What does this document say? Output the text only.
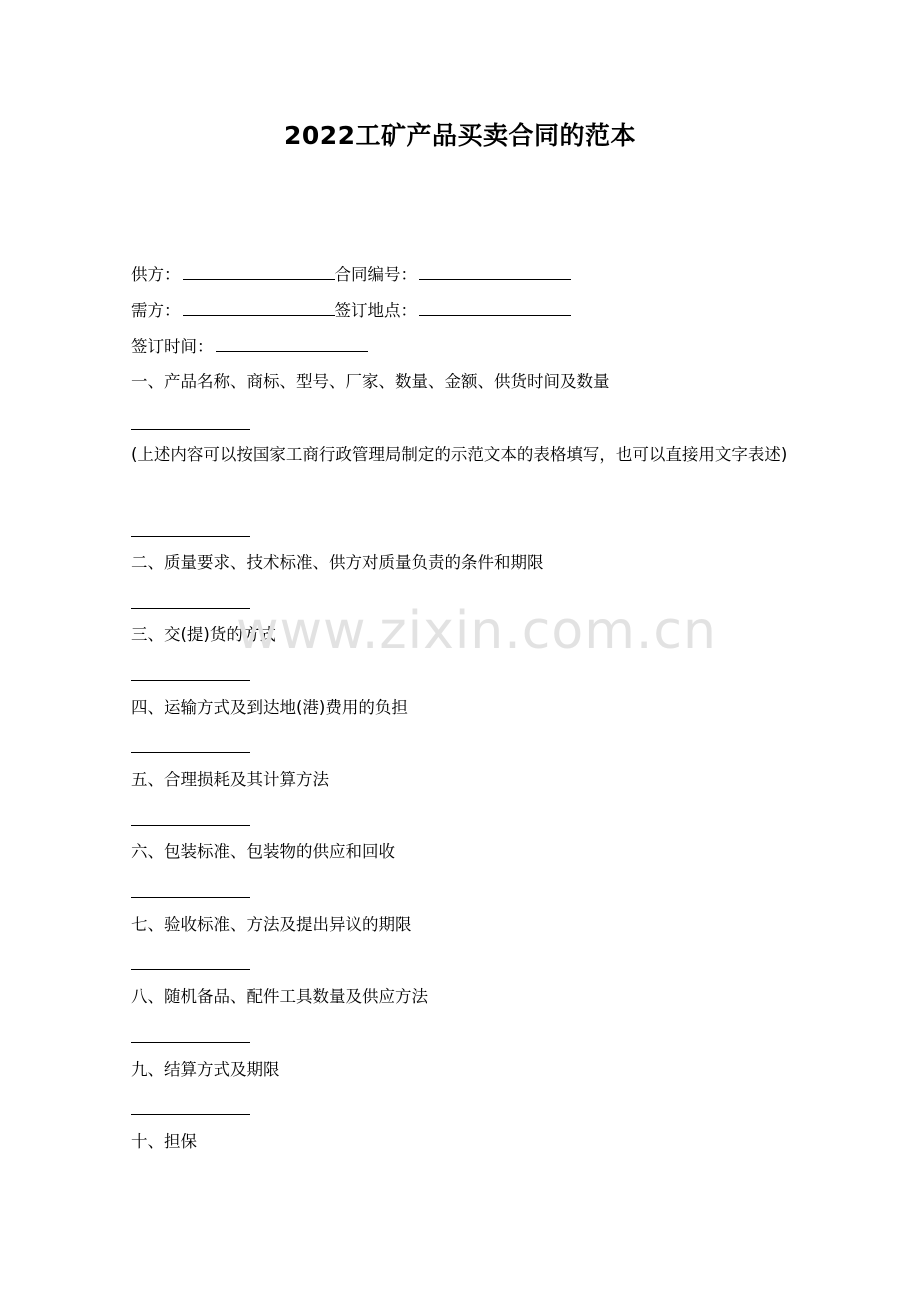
2022工矿产品买卖合同的范本
供方：	合同编号：
需方：	签订地点：
签订时间：
一、产品名称、商标、型号、厂家、数量、金额、供货时间及数量
(上述内容可以按国家工商行政管理局制定的示范文本的表格填写，也可以直接用文字表述)
二、质量要求、技术标准、供方对质量负责的条件和期限
三、交(提)货的方式
四、运输方式及到达地(港)费用的负担
五、合理损耗及其计算方法
六、包装标准、包装物的供应和回收
七、验收标准、方法及提出异议的期限
八、随机备品、配件工具数量及供应方法
九、结算方式及期限
十、担保
www.zixin.com.cn
